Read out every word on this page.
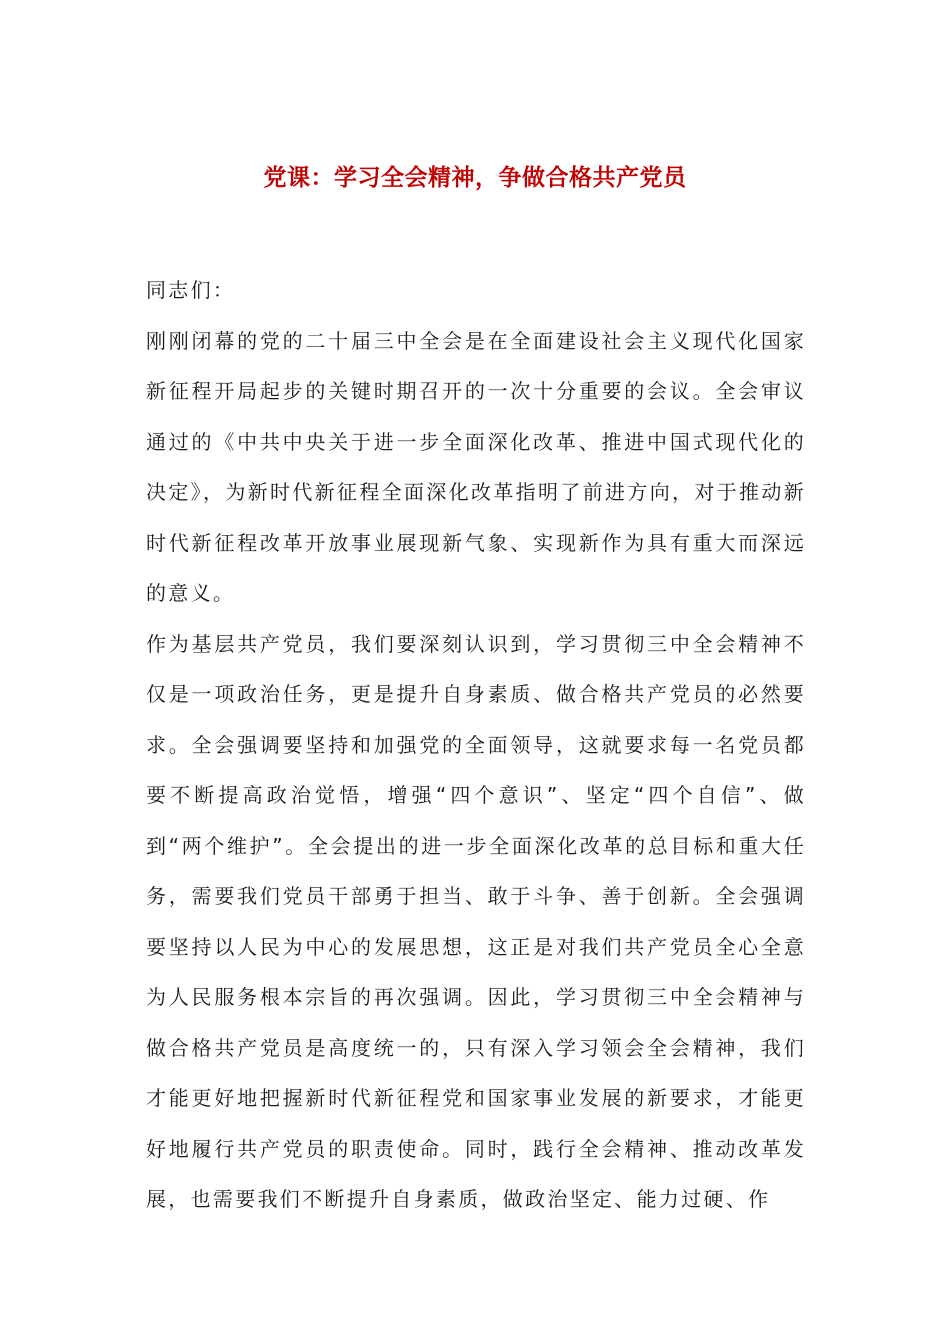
党课：学习全会精神，争做合格共产党员

同志们：

刚刚闭幕的党的二十届三中全会是在全面建设社会主义现代化国家新征程开局起步的关键时期召开的一次十分重要的会议。全会审议通过的《中共中央关于进一步全面深化改革、推进中国式现代化的决定》，为新时代新征程全面深化改革指明了前进方向，对于推动新时代新征程改革开放事业展现新气象、实现新作为具有重大而深远的意义。

作为基层共产党员，我们要深刻认识到，学习贯彻三中全会精神不仅是一项政治任务，更是提升自身素质、做合格共产党员的必然要求。全会强调要坚持和加强党的全面领导，这就要求每一名党员都要不断提高政治觉悟，增强“四个意识”、坚定“四个自信”、做到“两个维护”。全会提出的进一步全面深化改革的总目标和重大任务，需要我们党员干部勇于担当、敢于斗争、善于创新。全会强调要坚持以人民为中心的发展思想，这正是对我们共产党员全心全意为人民服务根本宗旨的再次强调。因此，学习贯彻三中全会精神与做合格共产党员是高度统一的，只有深入学习领会全会精神，我们才能更好地把握新时代新征程党和国家事业发展的新要求，才能更好地履行共产党员的职责使命。同时，践行全会精神、推动改革发展，也需要我们不断提升自身素质，做政治坚定、能力过硬、作
